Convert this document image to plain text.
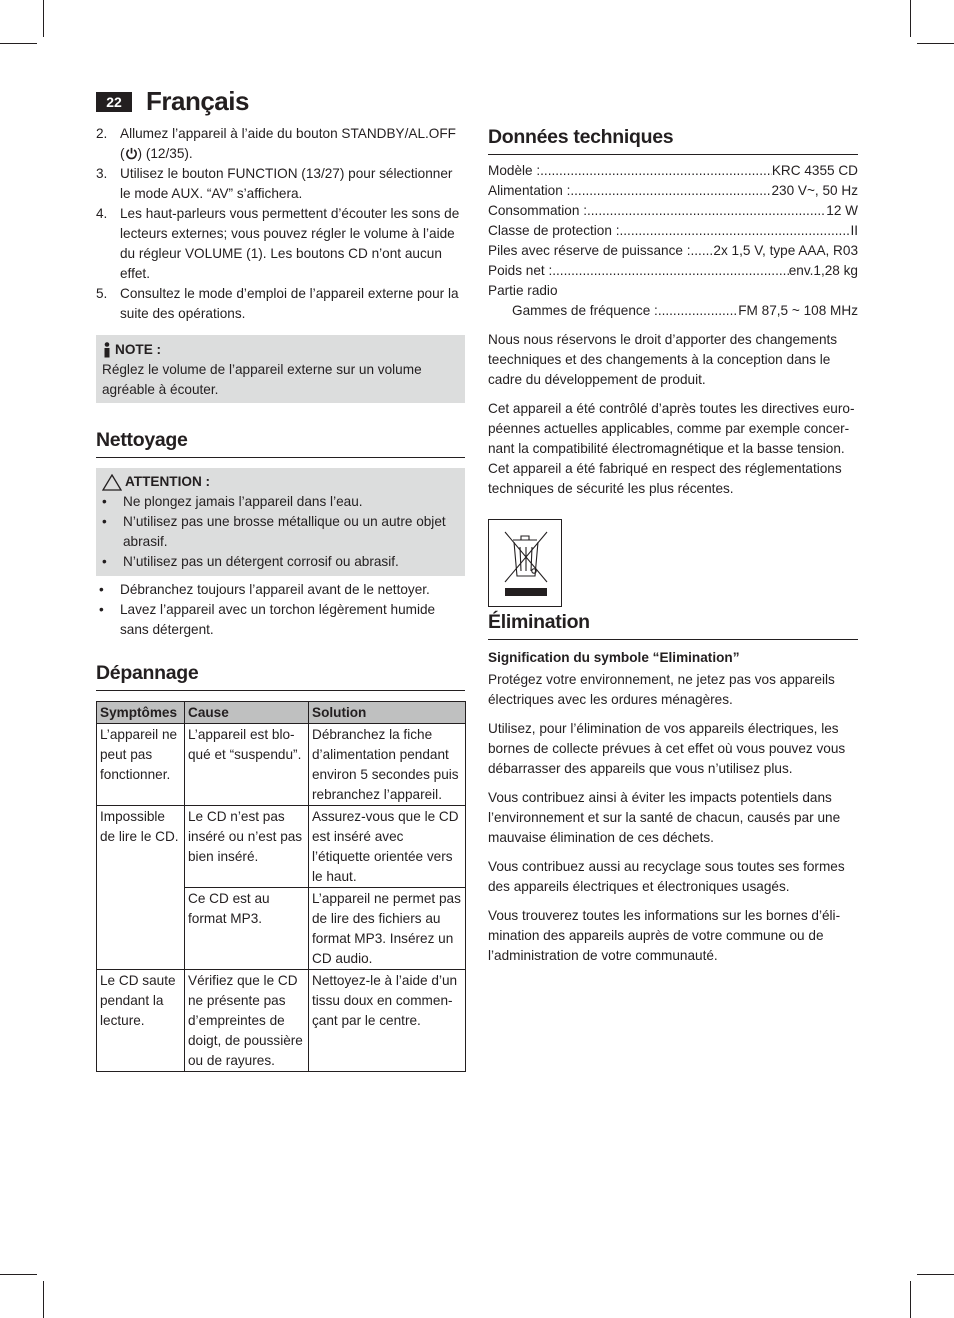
22 Français
2. Allumez l’appareil à l’aide du bouton STANDBY/AL.OFF
( ) (12/35).
3. Utilisez le bouton FUNCTION (13/27) pour sélectionner le mode AUX. “AV” s’affichera.
4. Les haut-parleurs vous permettent d’écouter les sons de lecteurs externes; vous pouvez régler le volume à l’aide du régleur VOLUME (1). Les boutons CD n’ont aucun effet.
5. Consultez le mode d’emploi de l’appareil externe pour la suite des opérations.
NOTE :
Réglez le volume de l’appareil externe sur un volume agréable à écouter.
Nettoyage
ATTENTION :
•	Ne plongez jamais l’appareil dans l’eau.
•	N’utilisez pas une brosse métallique ou un autre objet abrasif.
•	N’utilisez pas un détergent corrosif ou abrasif.
•	Débranchez toujours l’appareil avant de le nettoyer.
•	Lavez l’appareil avec un torchon légèrement humide sans détergent.
Dépannage
Symptômes	Cause	Solution
L’appareil ne peut pas fonctionner.	L’appareil est blo-qué et “suspendu”.	Débranchez la fiche d’alimentation pendant environ 5 secondes puis rebranchez l’appareil.
Impossible de lire le CD.	Le CD n’est pas inséré ou n’est pas bien inséré.	Assurez-vous que le CD est inséré avec l’étiquette orientée vers le haut.
	Ce CD est au format MP3.	L’appareil ne permet pas de lire des fichiers au format MP3. Insérez un CD audio.
Le CD saute pendant la lecture.	Vérifiez que le CD ne présente pas d’empreintes de doigt, de poussière ou de rayures.	Nettoyez-le à l’aide d’un tissu doux en commen-çant par le centre.
Données techniques
Modèle : .....	KRC 4355 CD
Alimentation : .....	230 V~, 50 Hz
Consommation : .....	12 W
Classe de protection : .....	II
Piles avec réserve de puissance : ..... 2x 1,5 V, type AAA, R03
Poids net : .....	env.1,28 kg
Partie radio
Gammes de fréquence : .....	FM 87,5 ~ 108 MHz

Nous nous réservons le droit d’apporter des changements teechniques et des changements à la conception dans le cadre du développement de produit.

Cet appareil a été contrôlé d’après toutes les directives euro-péennes actuelles applicables, comme par exemple concer-nant la compatibilité électromagnétique et la basse tension. Cet appareil a été fabriqué en respect des réglementations techniques de sécurité les plus récentes.

Élimination
Signification du symbole “Elimination”

Protégez votre environnement, ne jetez pas vos appareils électriques avec les ordures ménagères.

Utilisez, pour l’élimination de vos appareils électriques, les bornes de collecte prévues à cet effet où vous pouvez vous débarrasser des appareils que vous n’utilisez plus.

Vous contribuez ainsi à éviter les impacts potentiels dans l’environnement et sur la santé de chacun, causés par une mauvaise élimination de ces déchets.

Vous contribuez aussi au recyclage sous toutes ses formes des appareils électriques et électroniques usagés.

Vous trouverez toutes les informations sur les bornes d’éli-mination des appareils auprès de votre commune ou de l’administration de votre communauté.
